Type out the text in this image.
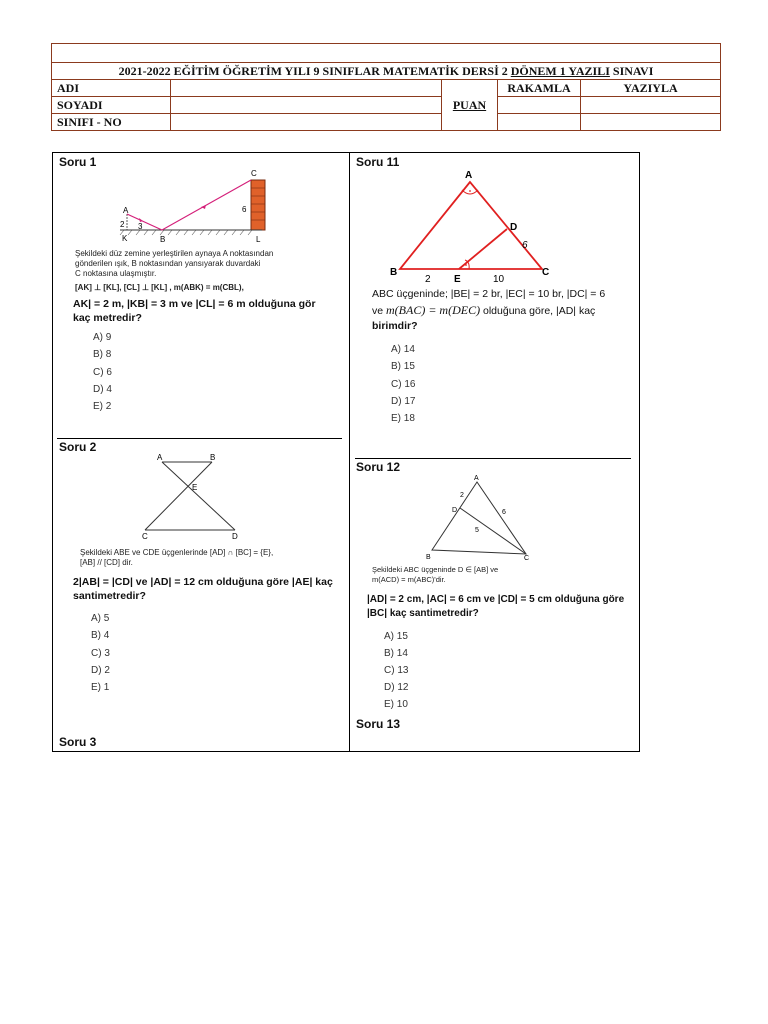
2021-2022 EĞİTİM ÖĞRETİM YILI 9 SINIFLAR MATEMATİK DERSİ 2 DÖNEM 1 YAZILI SINAVI				
ADI		PUAN	RAKAMLA	YAZIYLA
SOYADI				
SINIFI - NO				
Soru 1
A
2 3
K	B
C
6
L
Şekildeki düz zemine yerleştirilen aynaya A noktasından
gönderilen ışık, B noktasından yansıyarak duvardaki
C noktasına ulaşmıştır.
[AK] ⊥ [KL], [CL] ⊥ [KL] , m(ABK) = m(CBL),
AK| = 2 m, |KB| = 3 m ve |CL| = 6 m olduğuna gör
kaç metredir?
A) 9
B) 8
C) 6
D) 4
E) 2
Soru 2
A	B
E
C	D
Şekildeki ABE ve CDE üçgenlerinde [AD] ∩ [BC] = {E},
[AB] // [CD] dir.
2|AB| = |CD| ve |AD| = 12 cm olduğuna göre |AE| kaç
santimetredir?
A) 5
B) 4
C) 3
D) 2
E) 1
Soru 3
Soru 11
A
D
6
B
2 E	10
C
ABC üçgeninde; |BE| = 2 br, |EC| = 10 br, |DC| = 6
ve m(BAC) = m(DEC) olduğuna göre, |AD| kaç
birimdir?
A) 14
B) 15
C) 16
D) 17
E) 18
Soru 12
A
2
D	6
5
B	C
Şekildeki ABC üçgeninde D ∈ [AB] ve
m(ACD) = m(ABC)'dir.
|AD| = 2 cm, |AC| = 6 cm ve |CD| = 5 cm olduğuna göre
|BC| kaç santimetredir?
A) 15
B) 14
C) 13
D) 12
E) 10
Soru 13
